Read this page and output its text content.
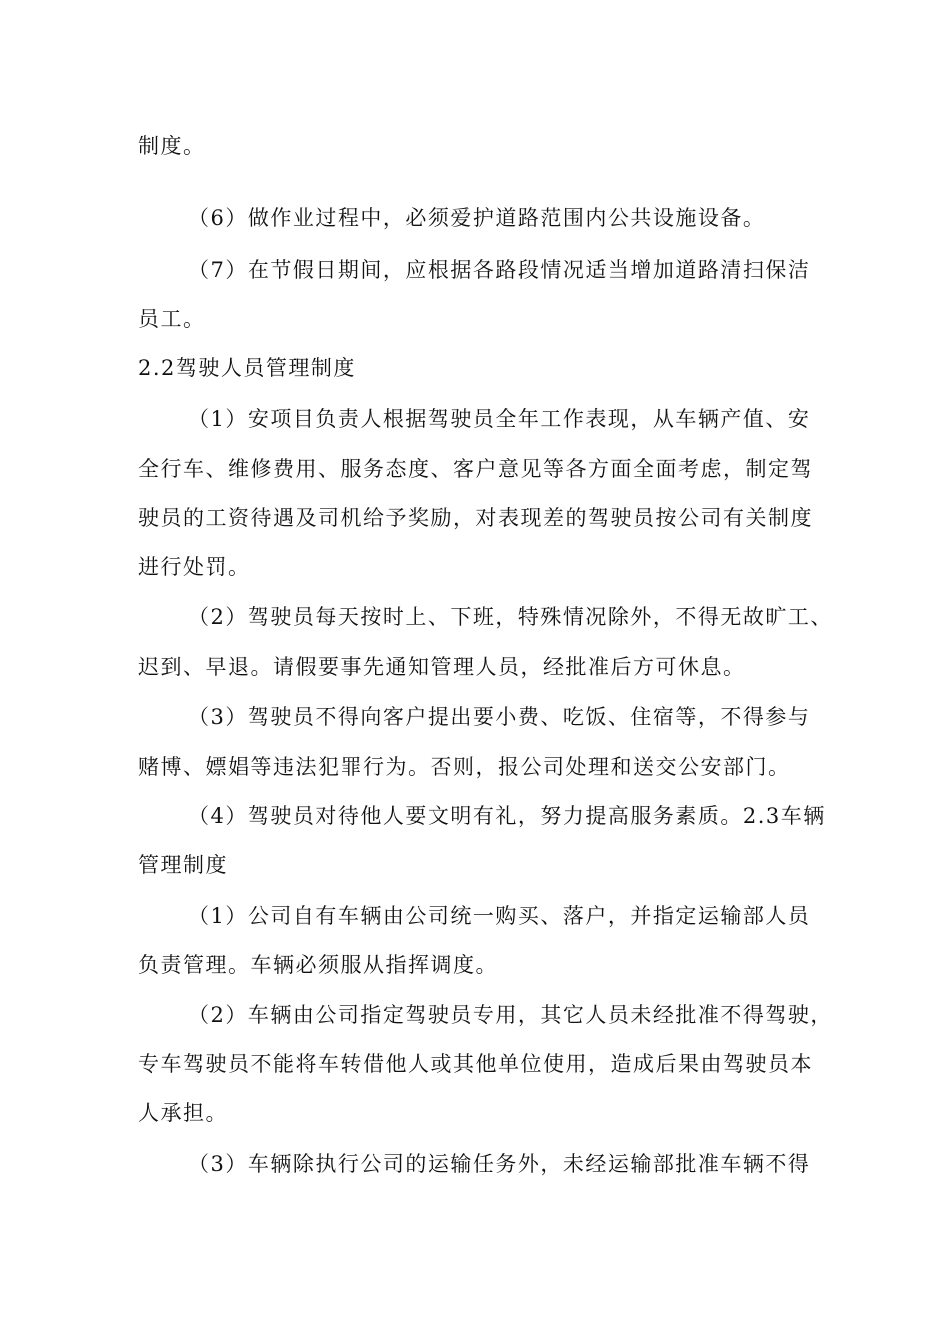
制度。
（6）做作业过程中，必须爱护道路范围内公共设施设备。
（7）在节假日期间，应根据各路段情况适当增加道路清扫保洁
员工。
2.2驾驶人员管理制度
（1）安项目负责人根据驾驶员全年工作表现，从车辆产值、安
全行车、维修费用、服务态度、客户意见等各方面全面考虑，制定驾
驶员的工资待遇及司机给予奖励，对表现差的驾驶员按公司有关制度
进行处罚。
（2）驾驶员每天按时上、下班，特殊情况除外，不得无故旷工、
迟到、早退。请假要事先通知管理人员，经批准后方可休息。
（3）驾驶员不得向客户提出要小费、吃饭、住宿等，不得参与
赌博、嫖娼等违法犯罪行为。否则，报公司处理和送交公安部门。
（4）驾驶员对待他人要文明有礼，努力提高服务素质。2.3车辆
管理制度
（1）公司自有车辆由公司统一购买、落户，并指定运输部人员
负责管理。车辆必须服从指挥调度。
（2）车辆由公司指定驾驶员专用，其它人员未经批准不得驾驶，
专车驾驶员不能将车转借他人或其他单位使用，造成后果由驾驶员本
人承担。
（3）车辆除执行公司的运输任务外，未经运输部批准车辆不得
